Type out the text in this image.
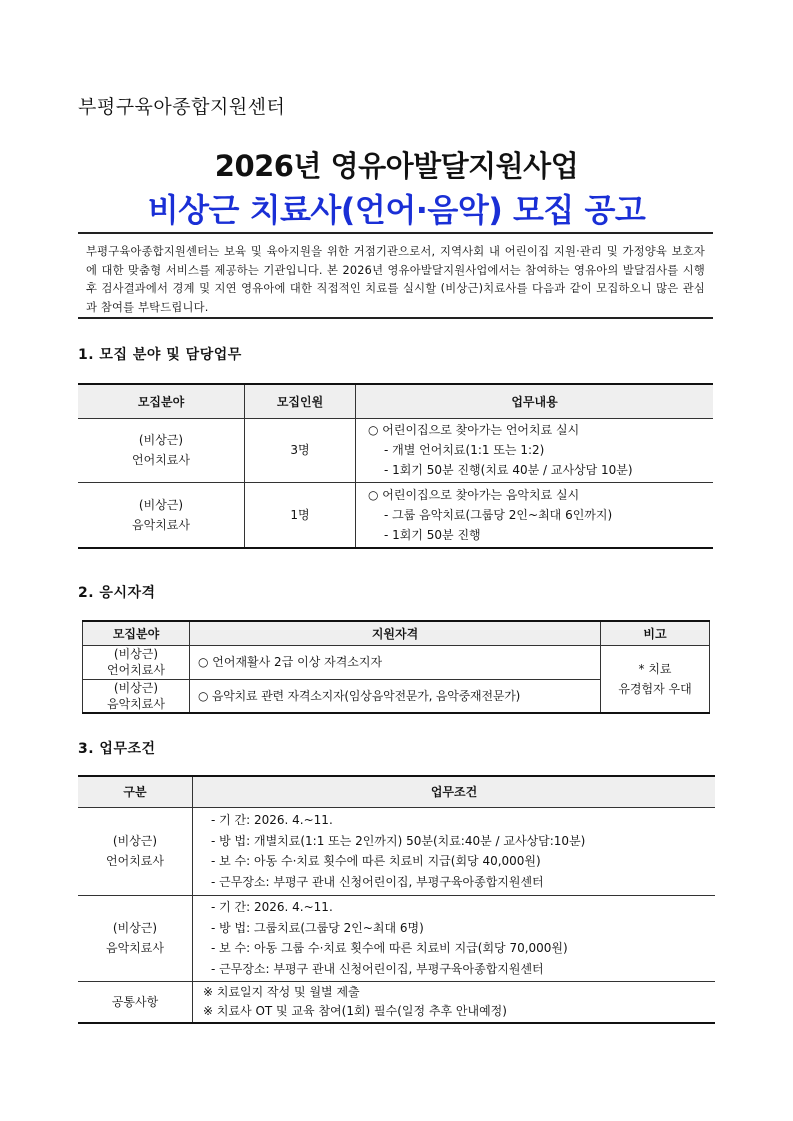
부평구육아종합지원센터
2026년 영유아발달지원사업
비상근 치료사(언어·음악) 모집 공고
부평구육아종합지원센터는 보육 및 육아지원을 위한 거점기관으로서, 지역사회 내 어린이집 지원·관리 및 가정양육 보호자에 대한 맞춤형 서비스를 제공하는 기관입니다. 본 2026년 영유아발달지원사업에서는 참여하는 영유아의 발달검사를 시행 후 검사결과에서 경계 및 지연 영유아에 대한 직접적인 치료를 실시할 (비상근)치료사를 다음과 같이 모집하오니 많은 관심과 참여를 부탁드립니다.
1. 모집 분야 및 담당업무
모집분야	모집인원	업무내용

(비상근)
언어치료사	3명	○ 어린이집으로 찾아가는 언어치료 실시
- 개별 언어치료(1:1 또는 1:2)
- 1회기 50분 진행(치료 40분 / 교사상담 10분)

(비상근)
음악치료사	1명	○ 어린이집으로 찾아가는 음악치료 실시
- 그룹 음악치료(그룹당 2인~최대 6인까지)
- 1회기 50분 진행
2. 응시자격
모집분야	지원자격	비고

(비상근)
언어치료사	○ 언어재활사 2급 이상 자격소지자	* 치료
유경험자 우대

(비상근)
음악치료사	○ 음악치료 관련 자격소지자(임상음악전문가, 음악중재전문가)	
3. 업무조건
구분	업무조건

(비상근)
언어치료사	- 기 간: 2026. 4.~11.
- 방 법: 개별치료(1:1 또는 2인까지) 50분(치료:40분 / 교사상담:10분)
- 보 수: 아동 수·치료 횟수에 따른 치료비 지급(회당 40,000원)
- 근무장소: 부평구 관내 신청어린이집, 부평구육아종합지원센터

(비상근)
음악치료사	- 기 간: 2026. 4.~11.
- 방 법: 그룹치료(그룹당 2인~최대 6명)
- 보 수: 아동 그룹 수·치료 횟수에 따른 치료비 지급(회당 70,000원)
- 근무장소: 부평구 관내 신청어린이집, 부평구육아종합지원센터

공통사항	※ 치료일지 작성 및 월별 제출
※ 치료사 OT 및 교육 참여(1회) 필수(일정 추후 안내예정)
